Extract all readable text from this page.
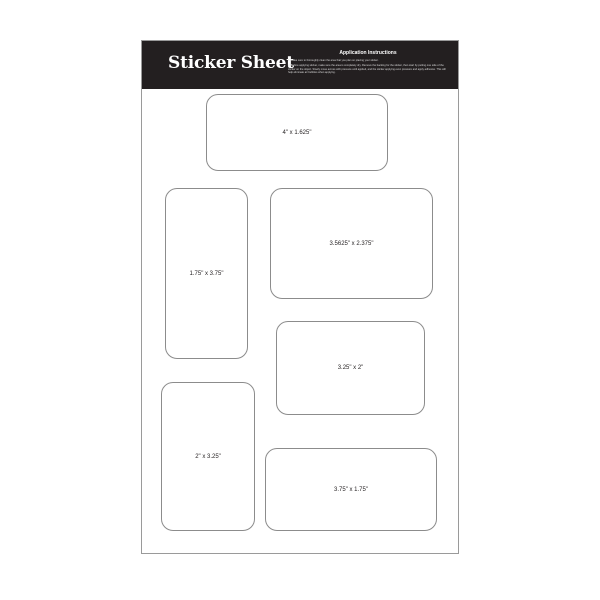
Sticker Sheet	Application Instructions
1. Make sure to thoroughly clean the area that you plan on placing your sticker.
2. Before applying sticker, make sure the area is completely dry. Remove the backing for the sticker, then start by putting one side of the sticker on the object. Slowly move across with pressure until applied, and the sticker applying even pressure and apply adhesive. This will help eliminate air bubbles when applying.
4" x 1.625"
1.75" x 3.75"
3.5625" x 2.375"
3.25" x 2"
2" x 3.25"
3.75" x 1.75"
